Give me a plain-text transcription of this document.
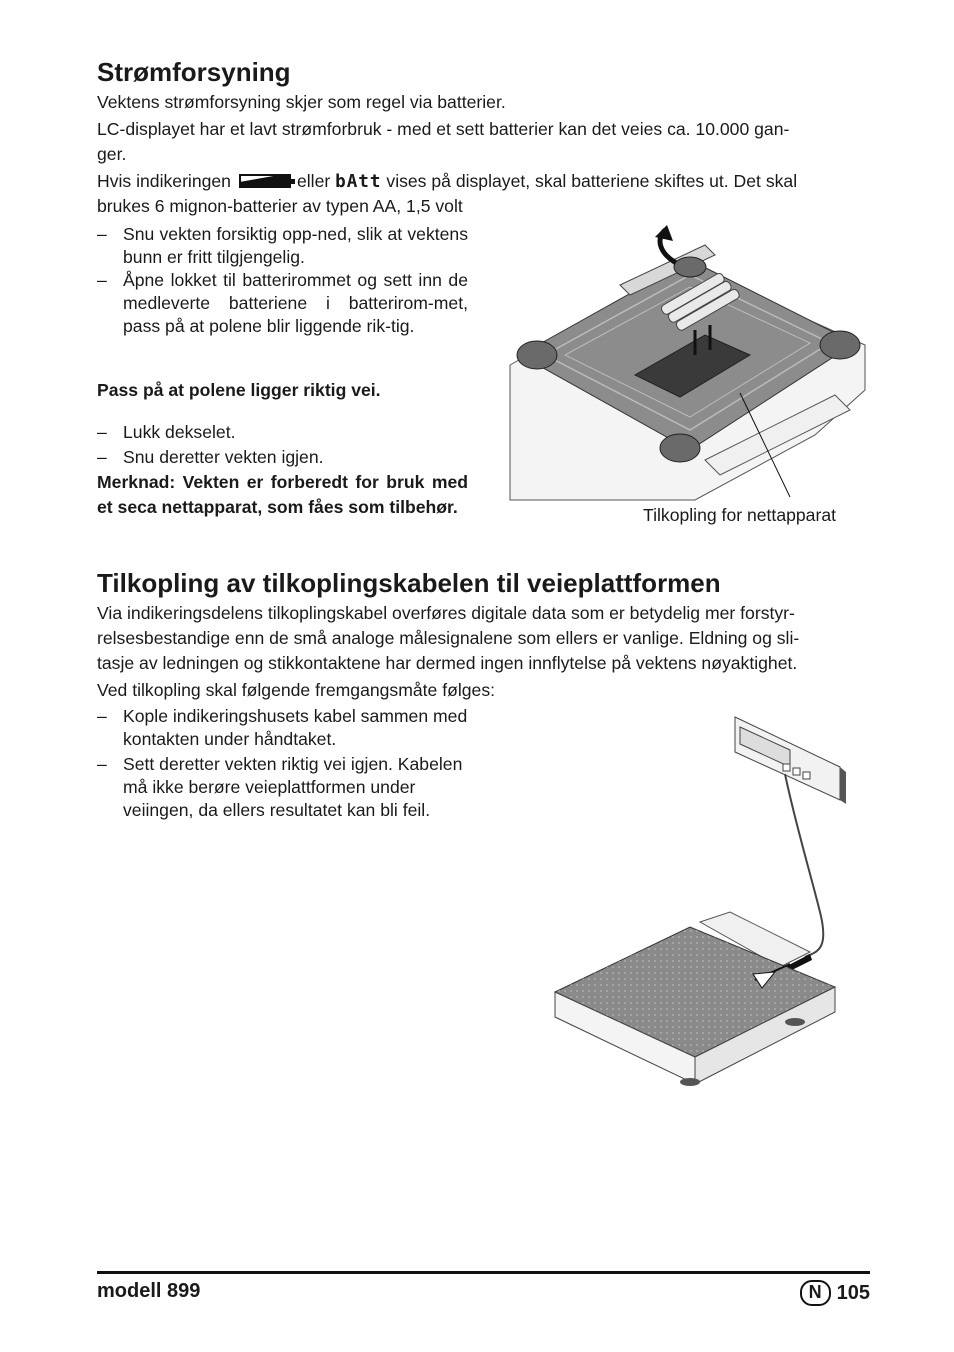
Strømforsyning

Vektens strømforsyning skjer som regel via batterier.

LC-displayet har et lavt strømforbruk - med et sett batterier kan det veies ca. 10.000 gan-

ger.

Hvis indikeringen	eller bAtt vises på displayet, skal batteriene skiftes ut. Det skal

brukes 6 mignon-batterier av typen AA, 1,5 volt

– Snu vekten forsiktig opp-ned, slik at vektens bunn er fritt tilgjengelig.
– Åpne lokket til batterirommet og sett inn de medleverte batteriene i batterirom-met, pass på at polene blir liggende rik-tig.

Pass på at polene ligger riktig vei.

– Lukk dekselet.
– Snu deretter vekten igjen.

Merknad: Vekten er forberedt for bruk med et seca nettapparat, som fåes som tilbehør.	Tilkopling for nettapparat
Tilkopling av tilkoplingskabelen til veieplattformen

Via indikeringsdelens tilkoplingskabel overføres digitale data som er betydelig mer forstyr-

relsesbestandige enn de små analoge målesignalene som ellers er vanlige. Eldning og sli-

tasje av ledningen og stikkontaktene har dermed ingen innflytelse på vektens nøyaktighet.

Ved tilkopling skal følgende fremgangsmåte følges:

– Kople indikeringshusets kabel sammen med kontakten under håndtaket.
– Sett deretter vekten riktig vei igjen. Kabelen må ikke berøre veieplattformen under veiingen, da ellers resultatet kan bli feil.
modell 899	N 105
